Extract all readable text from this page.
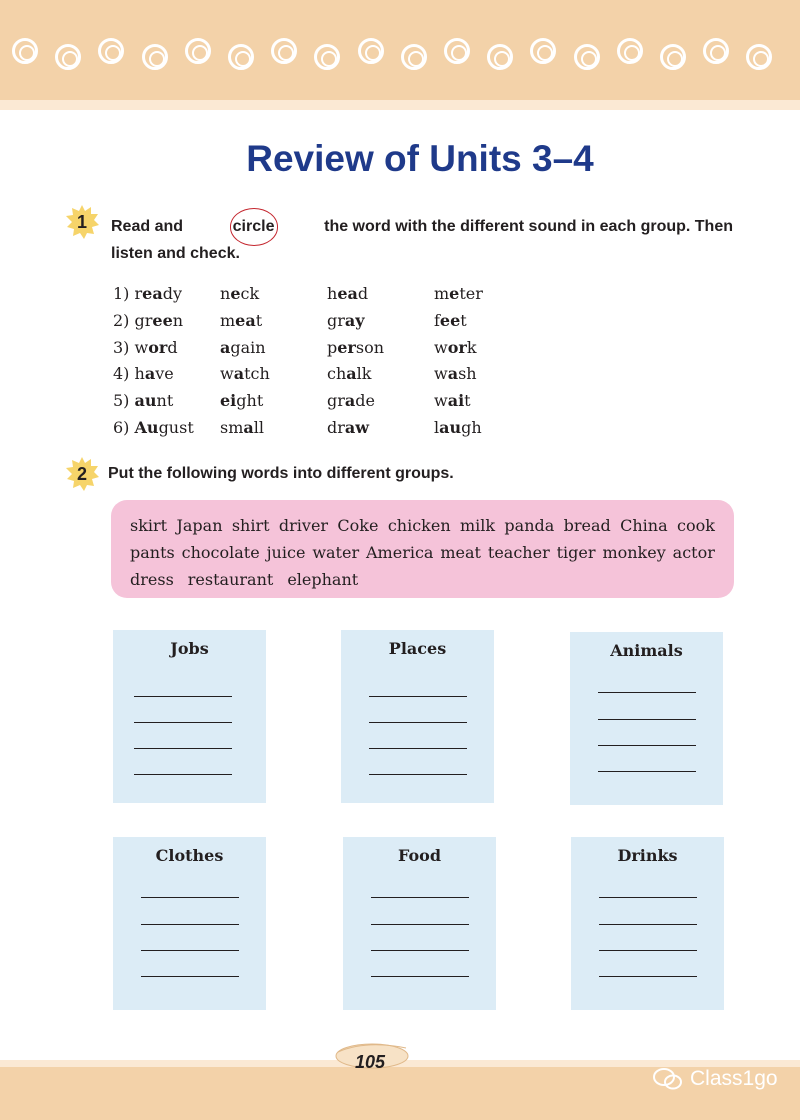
Review of Units 3–4
1	Read and	circle	the word with the different sound in each group. Then
listen and check.
1) ready	neck	head	meter
2) green	meat	gray	feet
3) word	again	person	work
4) have	watch	chalk	wash
5) aunt	eight	grade	wait
6) August	small	draw	laugh
2	Put the following words into different groups.
skirt Japan shirt driver Coke chicken milk panda bread China cook
pants chocolate juice water America meat teacher tiger monkey actor
dress restaurant elephant
Jobs	Places	Animals
Clothes	Food	Drinks
105
Class1go
